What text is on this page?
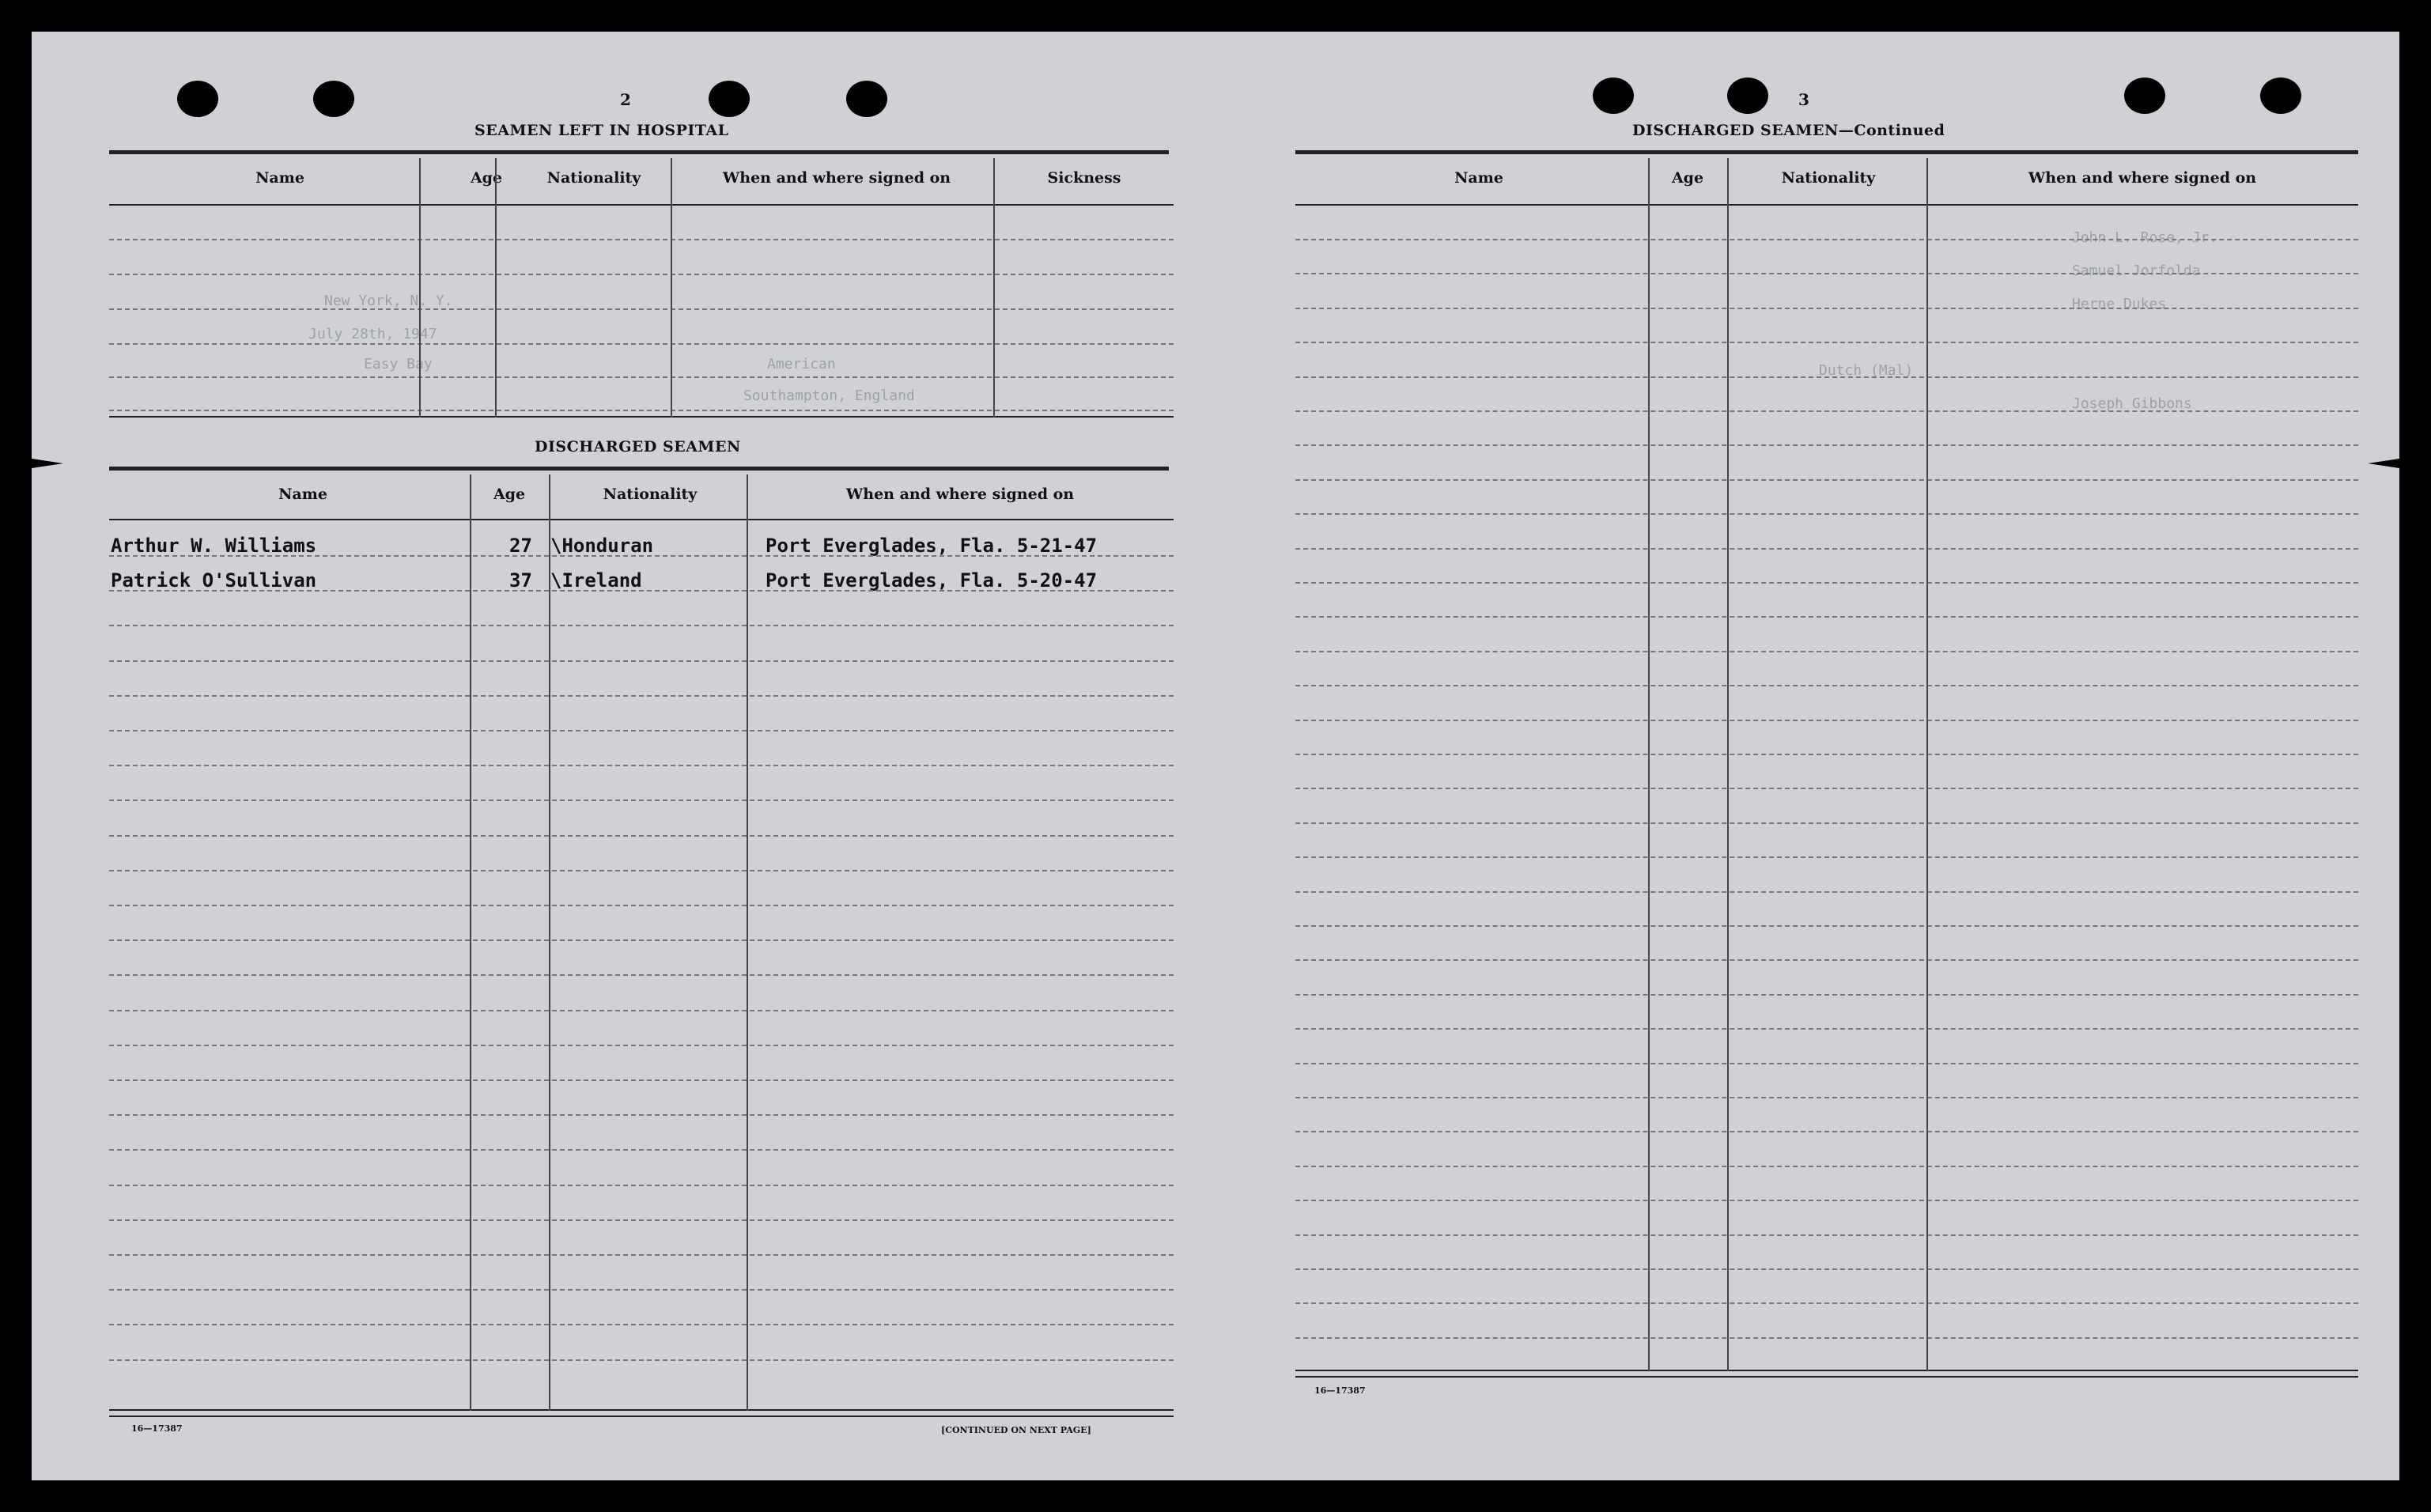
New York, N. Y.
July 28th, 1947
Easy Bay	American
Southampton, England
John L. Rose, Jr.
Samuel Jorfolda
Herne Dukes
Dutch (Mal)
Joseph Gibbons
2
SEAMEN LEFT IN HOSPITAL
Name	Age	Nationality	When and where signed on	Sickness
DISCHARGED SEAMEN
Name	Age	Nationality	When and where signed on
Arthur W. Williams	27 \Honduran	Port Everglades, Fla. 5-21-47
Patrick O'Sullivan	37 \Ireland	Port Everglades, Fla. 5-20-47
16—17387	[CONTINUED ON NEXT PAGE]
3
DISCHARGED SEAMEN—Continued
Name	Age	Nationality	When and where signed on
16—17387
